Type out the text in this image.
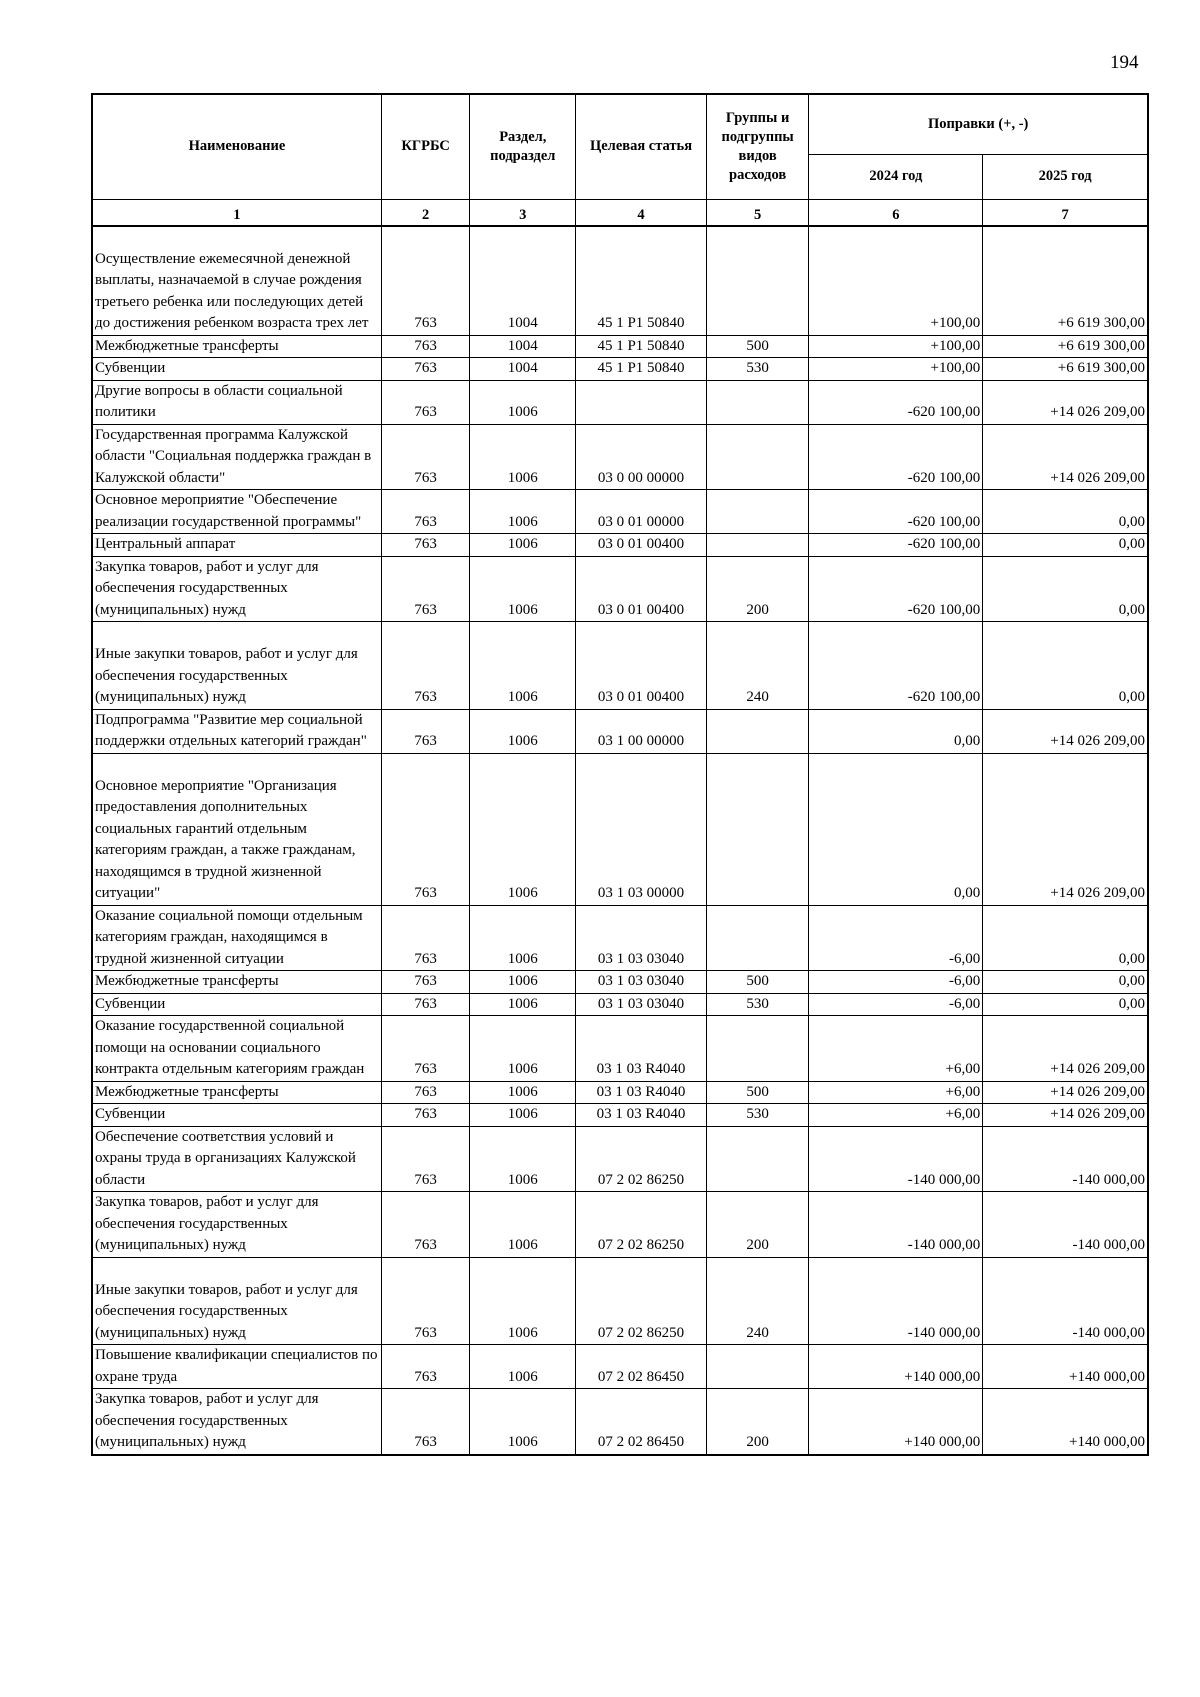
194
Наименование	КГРБС	Раздел, подраздел	Целевая статья	Группы и подгруппы видов расходов	Поправки (+, -)	
					2024 год	2025 год
1	2	3	4	5	6	7
Осуществление ежемесячной денежной выплаты, назначаемой в случае рождения третьего ребенка или последующих детей до достижения ребенком возраста трех лет	763	1004	45 1 Р1 50840		+100,00	+6 619 300,00
Межбюджетные трансферты	763	1004	45 1 Р1 50840	500	+100,00	+6 619 300,00
Субвенции	763	1004	45 1 Р1 50840	530	+100,00	+6 619 300,00
Другие вопросы в области социальной политики	763	1006			-620 100,00	+14 026 209,00
Государственная программа Калужской области "Социальная поддержка граждан в Калужской области"	763	1006	03 0 00 00000		-620 100,00	+14 026 209,00
Основное мероприятие "Обеспечение реализации государственной программы"	763	1006	03 0 01 00000		-620 100,00	0,00
Центральный аппарат	763	1006	03 0 01 00400		-620 100,00	0,00
Закупка товаров, работ и услуг для обеспечения государственных (муниципальных) нужд	763	1006	03 0 01 00400	200	-620 100,00	0,00
Иные закупки товаров, работ и услуг для обеспечения государственных (муниципальных) нужд	763	1006	03 0 01 00400	240	-620 100,00	0,00
Подпрограмма "Развитие мер социальной поддержки отдельных категорий граждан"	763	1006	03 1 00 00000		0,00	+14 026 209,00
Основное мероприятие "Организация предоставления дополнительных социальных гарантий отдельным категориям граждан, а также гражданам, находящимся в трудной жизненной ситуации"	763	1006	03 1 03 00000		0,00	+14 026 209,00
Оказание социальной помощи отдельным категориям граждан, находящимся в трудной жизненной ситуации	763	1006	03 1 03 03040		-6,00	0,00
Межбюджетные трансферты	763	1006	03 1 03 03040	500	-6,00	0,00
Субвенции	763	1006	03 1 03 03040	530	-6,00	0,00
Оказание государственной социальной помощи на основании социального контракта отдельным категориям граждан	763	1006	03 1 03 R4040		+6,00	+14 026 209,00
Межбюджетные трансферты	763	1006	03 1 03 R4040	500	+6,00	+14 026 209,00
Субвенции	763	1006	03 1 03 R4040	530	+6,00	+14 026 209,00
Обеспечение соответствия условий и охраны труда в организациях Калужской области	763	1006	07 2 02 86250		-140 000,00	-140 000,00
Закупка товаров, работ и услуг для обеспечения государственных (муниципальных) нужд	763	1006	07 2 02 86250	200	-140 000,00	-140 000,00
Иные закупки товаров, работ и услуг для обеспечения государственных (муниципальных) нужд	763	1006	07 2 02 86250	240	-140 000,00	-140 000,00
Повышение квалификации специалистов по охране труда	763	1006	07 2 02 86450		+140 000,00	+140 000,00
Закупка товаров, работ и услуг для обеспечения государственных (муниципальных) нужд	763	1006	07 2 02 86450	200	+140 000,00	+140 000,00
